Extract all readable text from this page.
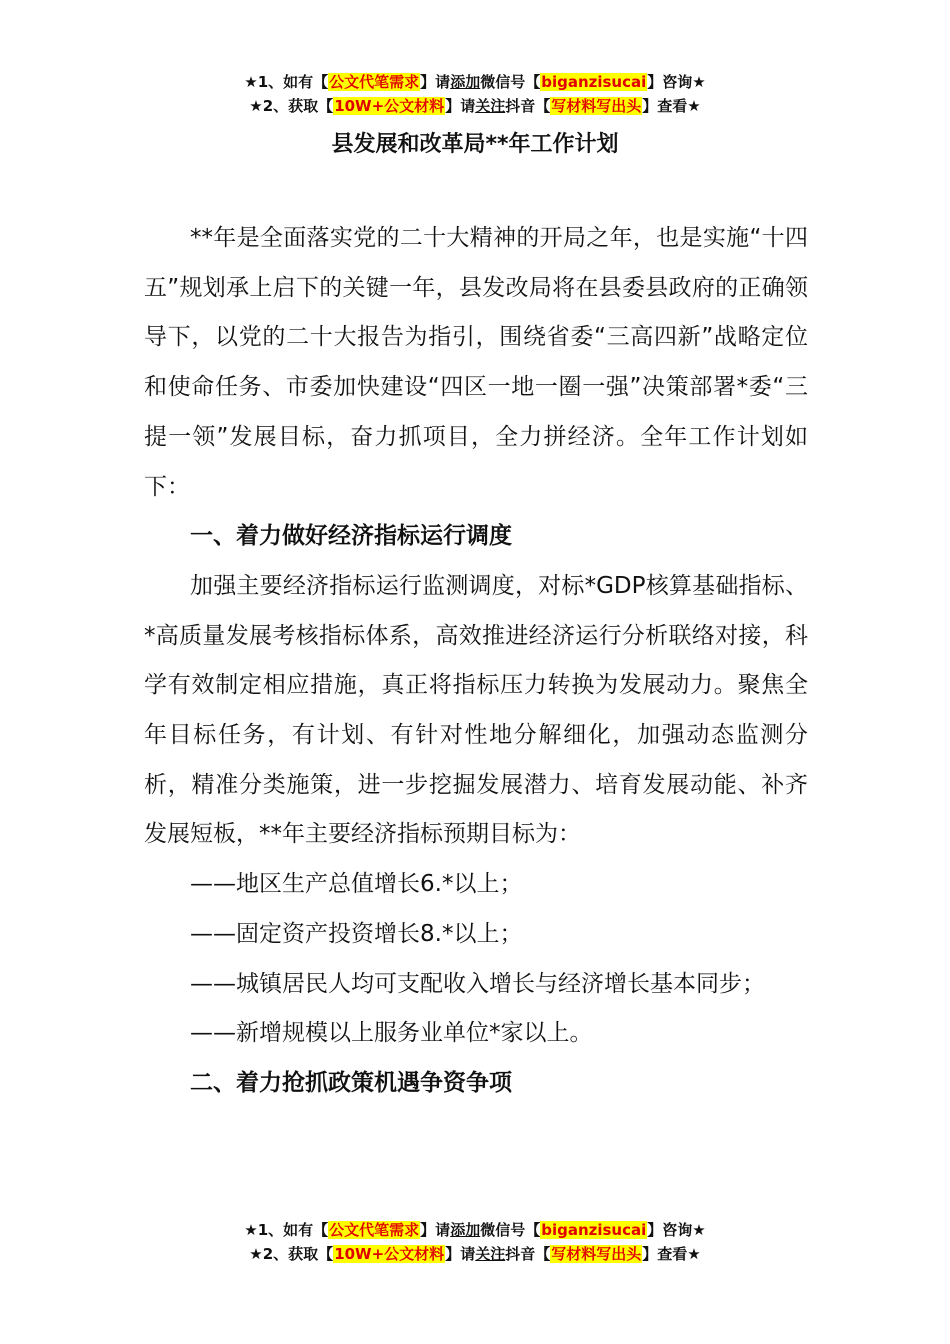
★1、如有【公文代笔需求】请添加微信号【biganzisucai】咨询★
★2、获取【10W+公文材料】请关注抖音【写材料写出头】查看★
县发展和改革局**年工作计划

**年是全面落实党的二十大精神的开局之年，也是实施“十四五”规划承上启下的关键一年，县发改局将在县委县政府的正确领导下，以党的二十大报告为指引，围绕省委“三高四新”战略定位和使命任务、市委加快建设“四区一地一圈一强”决策部署*委“三提一领”发展目标，奋力抓项目，全力拼经济。全年工作计划如下：

一、着力做好经济指标运行调度

加强主要经济指标运行监测调度，对标*GDP核算基础指标、*高质量发展考核指标体系，高效推进经济运行分析联络对接，科学有效制定相应措施，真正将指标压力转换为发展动力。聚焦全年目标任务，有计划、有针对性地分解细化，加强动态监测分析，精准分类施策，进一步挖掘发展潜力、培育发展动能、补齐发展短板，**年主要经济指标预期目标为：

——地区生产总值增长6.*以上；

——固定资产投资增长8.*以上；

——城镇居民人均可支配收入增长与经济增长基本同步；

——新增规模以上服务业单位*家以上。

二、着力抢抓政策机遇争资争项

★1、如有【公文代笔需求】请添加微信号【biganzisucai】咨询★
★2、获取【10W+公文材料】请关注抖音【写材料写出头】查看★
